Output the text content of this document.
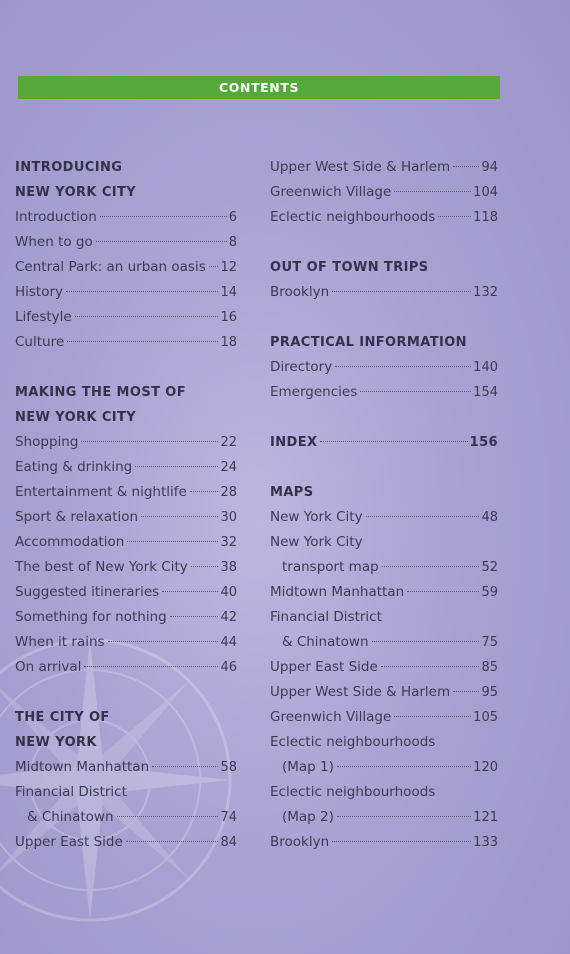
CONTENTS
INTRODUCING
NEW YORK CITY
Introduction	6
When to go	8
Central Park: an urban oasis 12
History	14
Lifestyle	16
Culture	18
MAKING THE MOST OF
NEW YORK CITY
Shopping	22
Eating & drinking	24
Entertainment & nightlife	28
Sport & relaxation	30
Accommodation	32
The best of New York City	38
Suggested itineraries	40
Something for nothing	42
When it rains	44
On arrival	46
THE CITY OF
NEW YORK
Midtown Manhattan	58
Financial District
& Chinatown	74
Upper East Side	84
Upper West Side & Harlem 94
Greenwich Village	104
Eclectic neighbourhoods	118
OUT OF TOWN TRIPS
Brooklyn	132
PRACTICAL INFORMATION
Directory	140
Emergencies	154
INDEX	156
MAPS
New York City	48
New York City
transport map	52
Midtown Manhattan	59
Financial District
& Chinatown	75
Upper East Side	85
Upper West Side & Harlem 95
Greenwich Village	105
Eclectic neighbourhoods
(Map 1)	120
Eclectic neighbourhoods
(Map 2)	121
Brooklyn	133
